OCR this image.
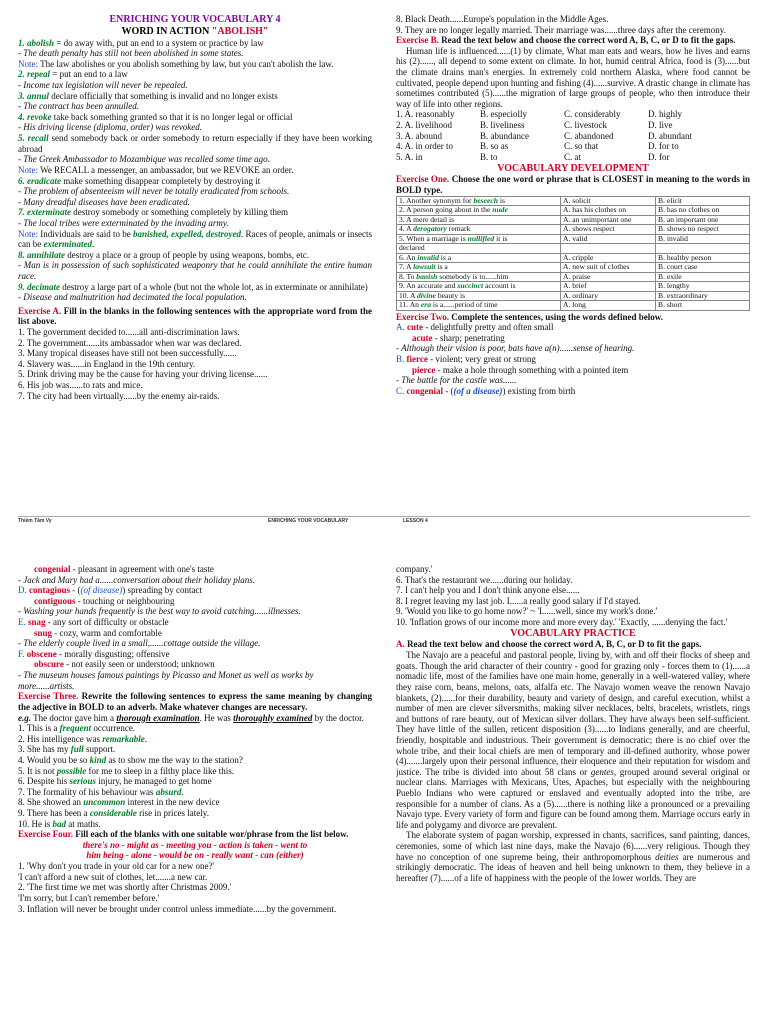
ENRICHING YOUR VOCABULARY 4
WORD IN ACTION "ABOLISH"
1. abolish = do away with, put an end to a system or practice by law
- The death penalty has still not been abolished in some states.
Note: The law abolishes or you abolish something by law, but you can't abolish the law.
2. repeal = put an end to a law
- Income tax legislation will never be repealed.
3. annul declare officially that something is invalid and no longer exists
- The contract has been annulled.
4. revoke take back something granted so that it is no longer legal or official
- His driving license (diploma, order) was revoked.
5. recall send somebody back or order somebody to return especially if they have been working abroad
- The Greek Ambassador to Mozambique was recalled some time ago.
Note: We RECALL a messenger, an ambassador, but we REVOKE an order.
6. eradicate make something disappear completely by destroying it
- The problem of absenteeism will never be totally eradicated from schools.
- Many dreadful diseases have been eradicated.
7. exterminate destroy somebody or something completely by killing them
- The local tribes were exterminated by the invading army.
Note: Individuals are said to be banished, expelled, destroyed. Races of people, animals or insects can be exterminated.
8. annihilate destroy a place or a group of people by using weapons, bombs, etc.
- Man is in possession of such sophisticated weaponry that he could annihilate the entire human race.
9. decimate destroy a large part of a whole (but not the whole lot, as in exterminate or annihilate)
- Disease and malnutrition had decimated the local population.
Exercise A. Fill in the blanks in the following sentences with the appropriate word from the list above.
1. The government decided to......all anti-discrimination laws.
2. The government......its ambassador when war was declared.
3. Many tropical diseases have still not been successfully......
4. Slavery was......in England in the 19th century.
5. Drink driving may be the cause for having your driving license......
6. His job was......to rats and mice.
7. The city had been virtually......by the enemy air-raids.
8. Black Death......Europe's population in the Middle Ages.
9. They are no longer legally married. Their marriage was......three days after the ceremony.
Exercise B. Read the text below and choose the correct word A, B, C, or D to fit the gaps.
Human life is influenced......(1) by climate, What man eats and wears, how he lives and earns his (2)......, all depend to some extent on climate. In hot, humid central Africa, food is (3)......but the climate drains man's energies. In extremely cold northern Alaska, where food cannot be cultivated, people depend upon hunting and fishing (4)......survive. A drastic change in climate has sometimes contributed (5)......the migration of large groups of people, who then introduce their way of life into other regions.
1. A. reasonably	B. especiolly	C. considerably	D. highly
2. A. livelihood	B. liveliness	C. livestock	D. live
3. A. abound	B. abundance	C. abandoned	D. abundant
4. A. in order to	B. so as	C. so that	D. for to
5. A. in	B. to	C. at	D. for
VOCABULARY DEVELOPMENT
Exercise One. Choose the one word or phrase that is CLOSEST in meaning to the words in BOLD type.
1. Another synonym for beseech is	A. solicit	B. elicit
2. A person going about in the nude	A. has his clothes on	B. has no clothes on
3. A mere detail is	A. an unimportant one	B. an important one
4. A derogatory remark	A. shows respect	B. shows no respect
5. When a marriage is nullified it is	A. valid	B. invalid
declared		
6. An invalid is a	A. cripple	B. healthy person
7. A lawsuit is a	A. new suit of clothes	B. court case
8. To banish somebody is to......him	A. praise	B. exile
9. An accurate and succinct account is	A. brief	B. lengthy
10. A divine beauty is	A. ordinary	B. extraordinary
11. An era is a......period of time	A. long	B. short
Exercise Two. Complete the sentences, using the words defined below.
A. cute - delightfully pretty and often small
acute - sharp; penetrating
- Although their vision is poor, bats have a(n)......sense of hearing.
B. fierce - violent; very great or strong
pierce - make a hole through something with a pointed item
- The battle for the castle was......
C. congenial - ((of a disease)) existing from birth
Thiềm Tâm Vy	ENRICHING YOUR VOCABULARY	LESSON 4
congenial - pleasant in agreement with one's taste
- Jack and Mary had a......conversation about their holiday plans.
D. contagious - ((of disease)) spreading by contact
contiguous - touching or neighbouring
- Washing your hands frequently is the best way to avoid catching......illnesses.
E. snag - any sort of difficulty or obstacle
snug - cozy, warm and comfortable
- The elderly couple lived in a small,......cottage outside the village.
F. obscene - morally disgusting; offensive
obscure - not easily seen or understood; unknown
- The museum houses famous paintings by Picasso and Monet as well as works by more......artists.
Exercise Three. Rewrite the following sentences to express the same meaning by changing the adjective in BOLD to an adverb. Make whatever changes are necessary.
e.g. The doctor gave him a thorough examination. He was thoroughly examined by the doctor.
1. This is a frequent occurrence.
2. His intelligence was remarkable.
3. She has my full support.
4. Would you be so kind as to show me the way to the station?
5. It is not possible for me to sleep in a filthy place like this.
6. Despite his serious injury, he managed to get home
7. The formality of his behaviour was absurd.
8. She showed an uncommon interest in the new device
9. There has been a considerable rise in prices lately.
10. He is bad at maths.
Exercise Four. Fill each of the blanks with one suitable wor/phrase from the list below.
there's no - might as - meeting you - action is taken - went to
him being - alone - would be on - really want - can (either)
1. 'Why don't you trade in your old car for a new one?'
'I can't afford a new suit of clothes, let.......a new car.
2. 'The first time we met was shortly after Christmas 2009.'
'I'm sorry, but I can't remember before.'
3. Inflation will never be brought under control unless immediate......by the government.
company.'
6. That's the restaurant we......during our holiday.
7. I can't help you and I don't think anyone else......
8. I regret leaving my last job. I......a really good salary if I'd stayed.
9. 'Would you like to go home now?' ~ 'I......well, since my work's done.'
10. 'Inflation grows of our income more and more every day.' 'Exactly, ......denying the fact.'
VOCABULARY PRACTICE
A. Read the text below and choose the correct word A, B, C, or D to fit the gaps.
The Navajo are a peaceful and pastoral people, living by, with and off their flocks of sheep and goats. Though the arid character of their country - good for grazing only - forces them to (1)......a nomadic life, most of the families have one main home, generally in a well-watered valley, where they raise corn, beans, melons, oats, alfalfa etc. The Navajo women weave the renown Navajo blankets, (2)......for their durability, beauty and variety of design, and careful execution, whilst a number of men are clever silversmiths, making silver necklaces, belts, bracelets, wristlets, rings and buttons of rare beauty, out of Mexican silver dollars. They have always been self-sufficient. They have little of the sullen, reticent disposition (3)......to Indians generally, and are cheerful, friendly, hospitable and industrious. Their government is democratic; there is no chief over the whole tribe, and their local chiefs are men of temporary and ill-defined authority, whose power (4).......largely upon their personal influence, their eloquence and their reputation for wisdom and justice. The tribe is divided into about 58 clans or gentes, grouped around several original or nuclear clans. Marriages with Mexicans, Utes, Apaches, but especially with the neighbouring Pueblo Indians who were captured or enslaved and eventually adopted into the tribe, are responsible for a number of clans. As a (5)......there is nothing like a pronounced or a prevailing Navajo type. Every variety of form and figure can be found among them. Marriage occurs early in life and polygamy and divorce are prevalent.
The elaborate system of pagan worship, expressed in chants, sacrifices, sand painting, dances, ceremonies, some of which last nine days, make the Navajo (6)......very religious. Though they have no conception of one supreme being, their anthropomorphous deities are numerous and strikingly democratic. The ideas of heaven and hell being unknown to them, they believe in a hereafter (7)......of a life of happiness with the people of the lower worlds. They are
